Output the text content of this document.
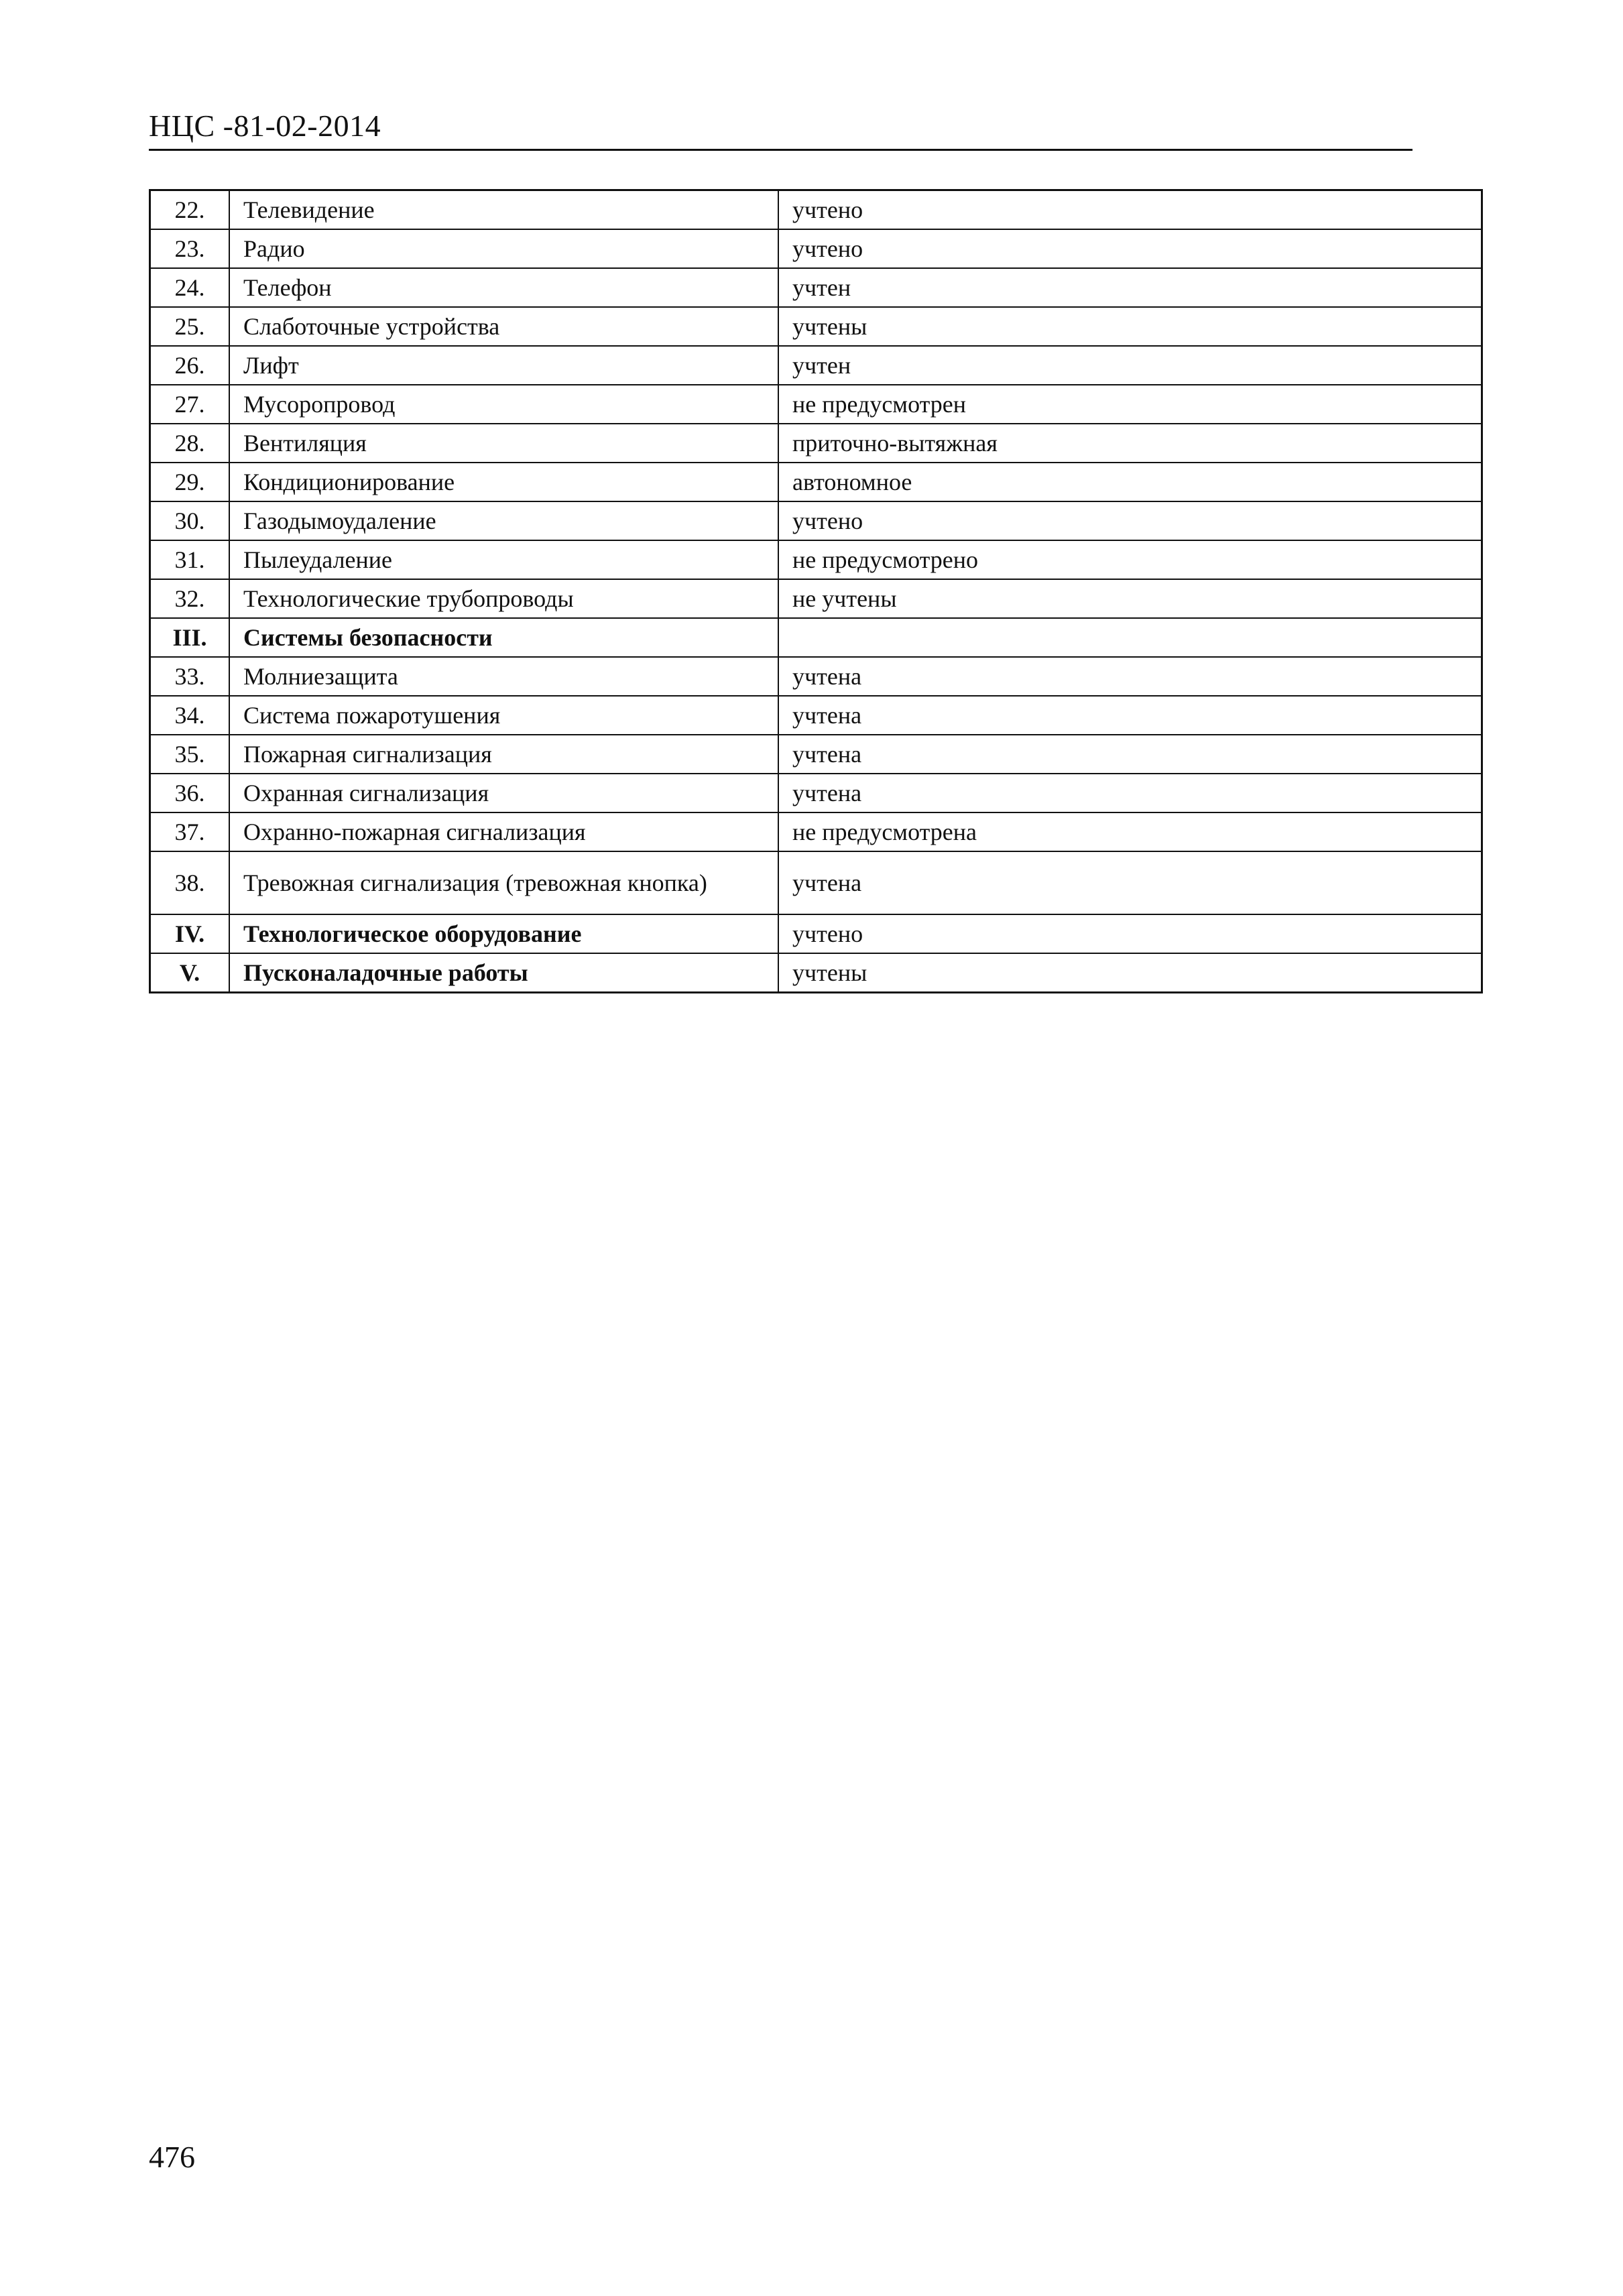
НЦС -81-02-2014
22.	Телевидение	учтено
23.	Радио	учтено
24.	Телефон	учтен
25.	Слаботочные устройства	учтены
26.	Лифт	учтен
27.	Мусоропровод	не предусмотрен
28.	Вентиляция	приточно-вытяжная
29.	Кондиционирование	автономное
30.	Газодымоудаление	учтено
31.	Пылеудаление	не предусмотрено
32.	Технологические трубопроводы	не учтены
III.	Системы безопасности	
33.	Молниезащита	учтена
34.	Система пожаротушения	учтена
35.	Пожарная сигнализация	учтена
36.	Охранная сигнализация	учтена
37.	Охранно-пожарная сигнализация	не предусмотрена
38.	Тревожная сигнализация (тревожная кнопка)	учтена
IV.	Технологическое оборудование	учтено
V.	Пусконаладочные работы	учтены
476
